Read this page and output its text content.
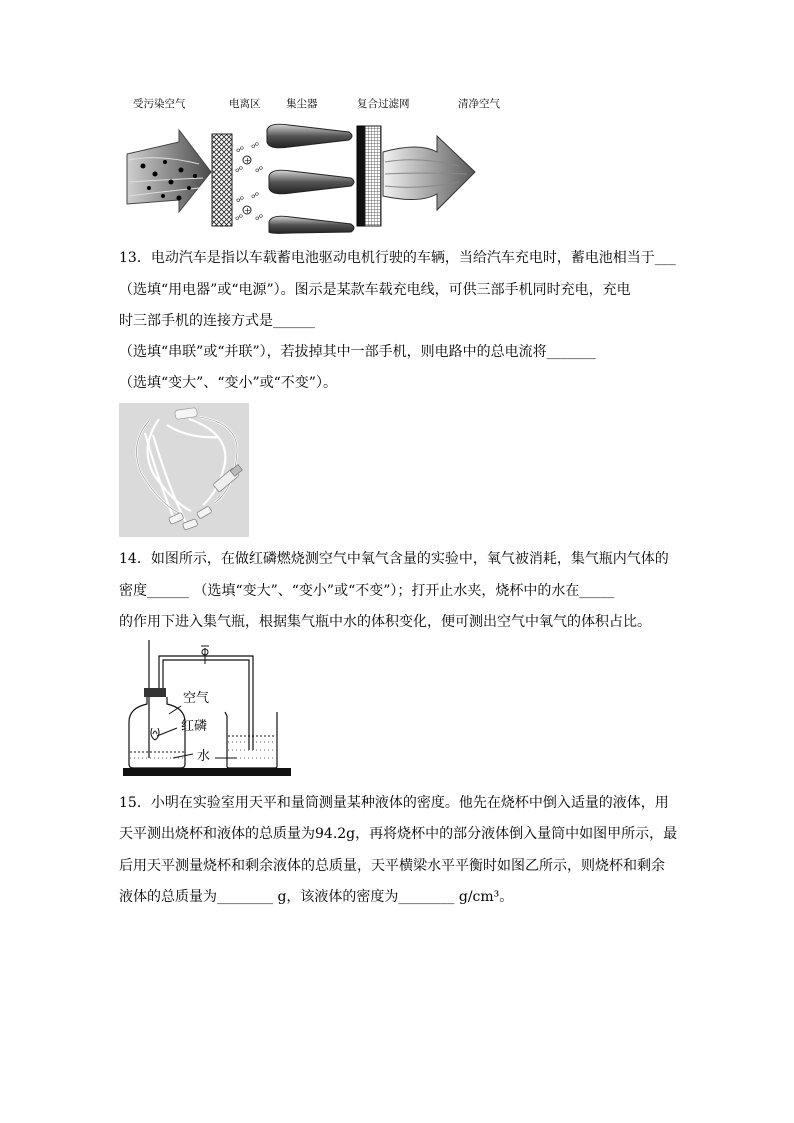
受污染空气	电离区 集尘器	复合过滤网	清净空气
☍ ☍
+
☍ ☍
☍ ☍
+
☍ ☍
13．电动汽车是指以车载蓄电池驱动电机行驶的车辆，当给汽车充电时，蓄电池相当于___
（选填“用电器”或“电源”）。图示是某款车载充电线，可供三部手机同时充电，充电
时三部手机的连接方式是______
（选填“串联”或“并联”），若拔掉其中一部手机，则电路中的总电流将_______
（选填“变大”、“变小”或“不变”）。
14．如图所示，在做红磷燃烧测空气中氧气含量的实验中，氧气被消耗，集气瓶内气体的
密度______ （选填“变大”、“变小”或“不变”）；打开止水夹，烧杯中的水在_____
的作用下进入集气瓶，根据集气瓶中水的体积变化，便可测出空气中氧气的体积占比。
空气
红磷
水
15．小明在实验室用天平和量筒测量某种液体的密度。他先在烧杯中倒入适量的液体，用
天平测出烧杯和液体的总质量为94.2g，再将烧杯中的部分液体倒入量筒中如图甲所示，最
后用天平测量烧杯和剩余液体的总质量，天平横梁水平平衡时如图乙所示，则烧杯和剩余
液体的总质量为________ g，该液体的密度为________ g/cm³。
